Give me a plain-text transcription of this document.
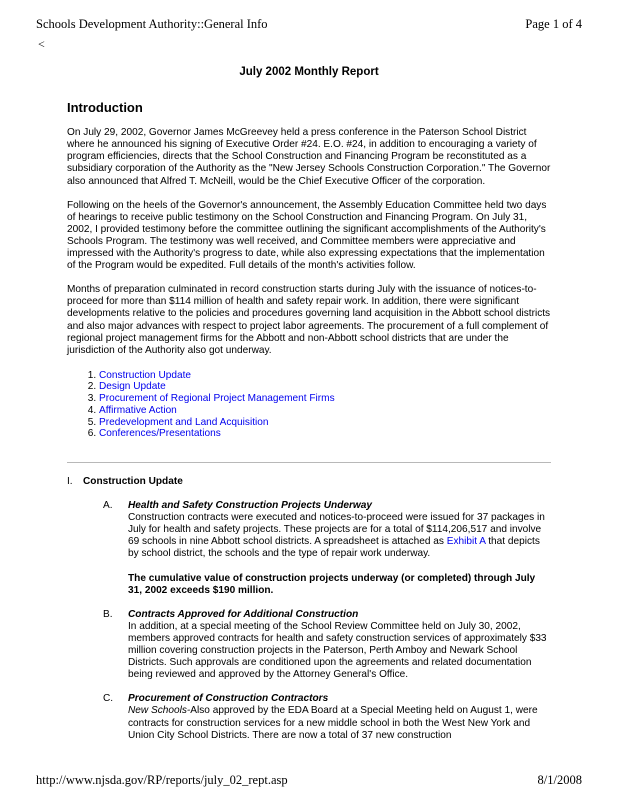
Schools Development Authority::General Info	Page 1 of 4
<

July 2002 Monthly Report

Introduction

On July 29, 2002, Governor James McGreevey held a press conference in the Paterson School District where he announced his signing of Executive Order #24. E.O. #24, in addition to encouraging a variety of program efficiencies, directs that the School Construction and Financing Program be reconstituted as a subsidiary corporation of the Authority as the "New Jersey Schools Construction Corporation." The Governor also announced that Alfred T. McNeill, would be the Chief Executive Officer of the corporation.

Following on the heels of the Governor's announcement, the Assembly Education Committee held two days of hearings to receive public testimony on the School Construction and Financing Program. On July 31, 2002, I provided testimony before the committee outlining the significant accomplishments of the Authority's Schools Program. The testimony was well received, and Committee members were appreciative and impressed with the Authority's progress to date, while also expressing expectations that the implementation of the Program would be expedited. Full details of the month's activities follow.

Months of preparation culminated in record construction starts during July with the issuance of notices-to-proceed for more than $114 million of health and safety repair work. In addition, there were significant developments relative to the policies and procedures governing land acquisition in the Abbott school districts and also major advances with respect to project labor agreements. The procurement of a full complement of regional project management firms for the Abbott and non-Abbott school districts that are under the jurisdiction of the Authority also got underway.

1. Construction Update
2. Design Update
3. Procurement of Regional Project Management Firms
4. Affirmative Action
5. Predevelopment and Land Acquisition
6. Conferences/Presentations
I.	Construction Update
A.	Health and Safety Construction Projects Underway

Construction contracts were executed and notices-to-proceed were issued for 37 packages in July for health and safety projects. These projects are for a total of $114,206,517 and involve 69 schools in nine Abbott school districts. A spreadsheet is attached as Exhibit A that depicts by school district, the schools and the type of repair work underway.

The cumulative value of construction projects underway (or completed) through July 31, 2002 exceeds $190 million.

B.	Contracts Approved for Additional Construction

In addition, at a special meeting of the School Review Committee held on July 30, 2002, members approved contracts for health and safety construction services of approximately $33 million covering construction projects in the Paterson, Perth Amboy and Newark School Districts. Such approvals are conditioned upon the agreements and related documentation being reviewed and approved by the Attorney General's Office.

C.	Procurement of Construction Contractors

New Schools-Also approved by the EDA Board at a Special Meeting held on August 1, were contracts for construction services for a new middle school in both the West New York and Union City School Districts. There are now a total of 37 new construction

http://www.njsda.gov/RP/reports/july_02_rept.asp	8/1/2008
